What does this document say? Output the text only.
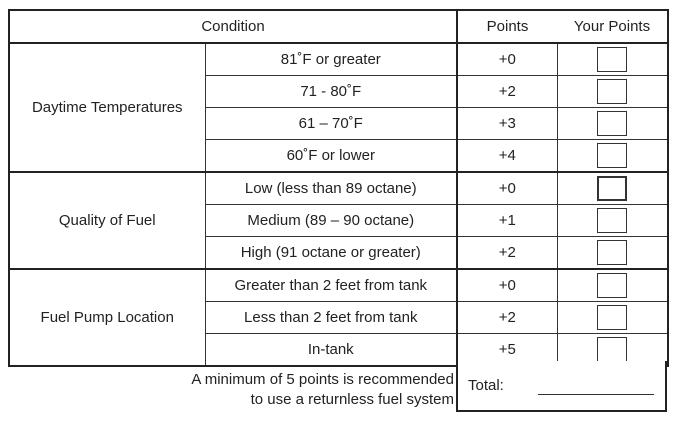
Condition		Points	Your Points
Daytime Temperatures	81˚F or greater	+0	
	71 - 80˚F	+2	
	61 – 70˚F	+3	
	60˚F or lower	+4	
Quality of Fuel	Low (less than 89 octane)	+0	
	Medium (89 – 90 octane)	+1	
	High (91 octane or greater)	+2	
Fuel Pump Location	Greater than 2 feet from tank	+0	
	Less than 2 feet from tank	+2	
	In-tank	+5	
A minimum of 5 points is recommended
to use a returnless fuel system
Total:
